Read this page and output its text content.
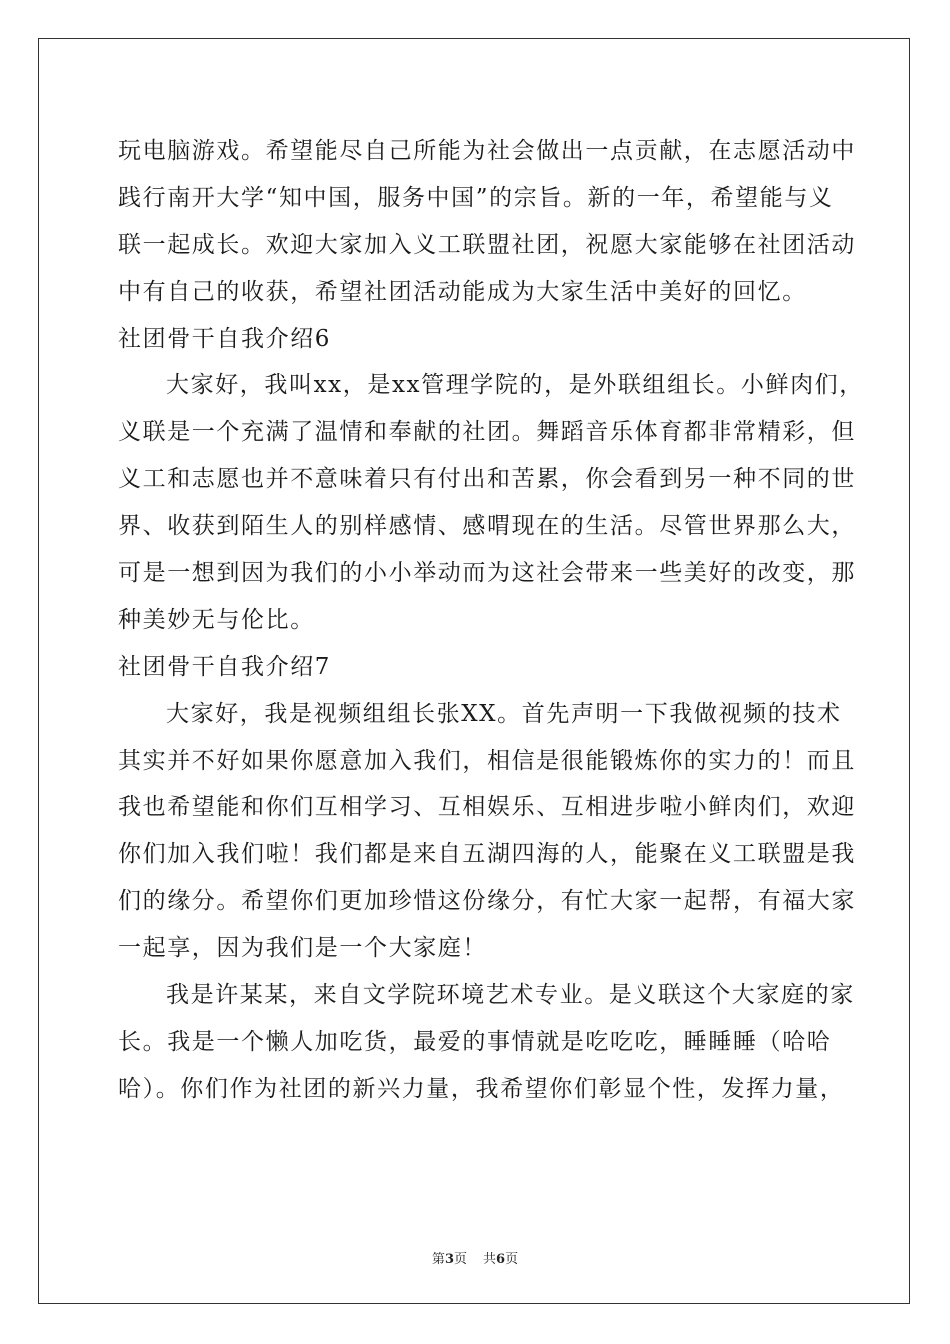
玩电脑游戏。希望能尽自己所能为社会做出一点贡献，在志愿活动中
践行南开大学“知中国，服务中国”的宗旨。新的一年，希望能与义
联一起成长。欢迎大家加入义工联盟社团，祝愿大家能够在社团活动
中有自己的收获，希望社团活动能成为大家生活中美好的回忆。
社团骨干自我介绍6
大家好，我叫xx，是xx管理学院的，是外联组组长。小鲜肉们，
义联是一个充满了温情和奉献的社团。舞蹈音乐体育都非常精彩，但
义工和志愿也并不意味着只有付出和苦累，你会看到另一种不同的世
界、收获到陌生人的别样感情、感喟现在的生活。尽管世界那么大，
可是一想到因为我们的小小举动而为这社会带来一些美好的改变，那
种美妙无与伦比。
社团骨干自我介绍7
大家好，我是视频组组长张XX。首先声明一下我做视频的技术
其实并不好如果你愿意加入我们，相信是很能锻炼你的实力的！而且
我也希望能和你们互相学习、互相娱乐、互相进步啦小鲜肉们，欢迎
你们加入我们啦！我们都是来自五湖四海的人，能聚在义工联盟是我
们的缘分。希望你们更加珍惜这份缘分，有忙大家一起帮，有福大家
一起享，因为我们是一个大家庭！
我是许某某，来自文学院环境艺术专业。是义联这个大家庭的家
长。我是一个懒人加吃货，最爱的事情就是吃吃吃，睡睡睡（哈哈
哈）。你们作为社团的新兴力量，我希望你们彰显个性，发挥力量，
第3页 共6页
